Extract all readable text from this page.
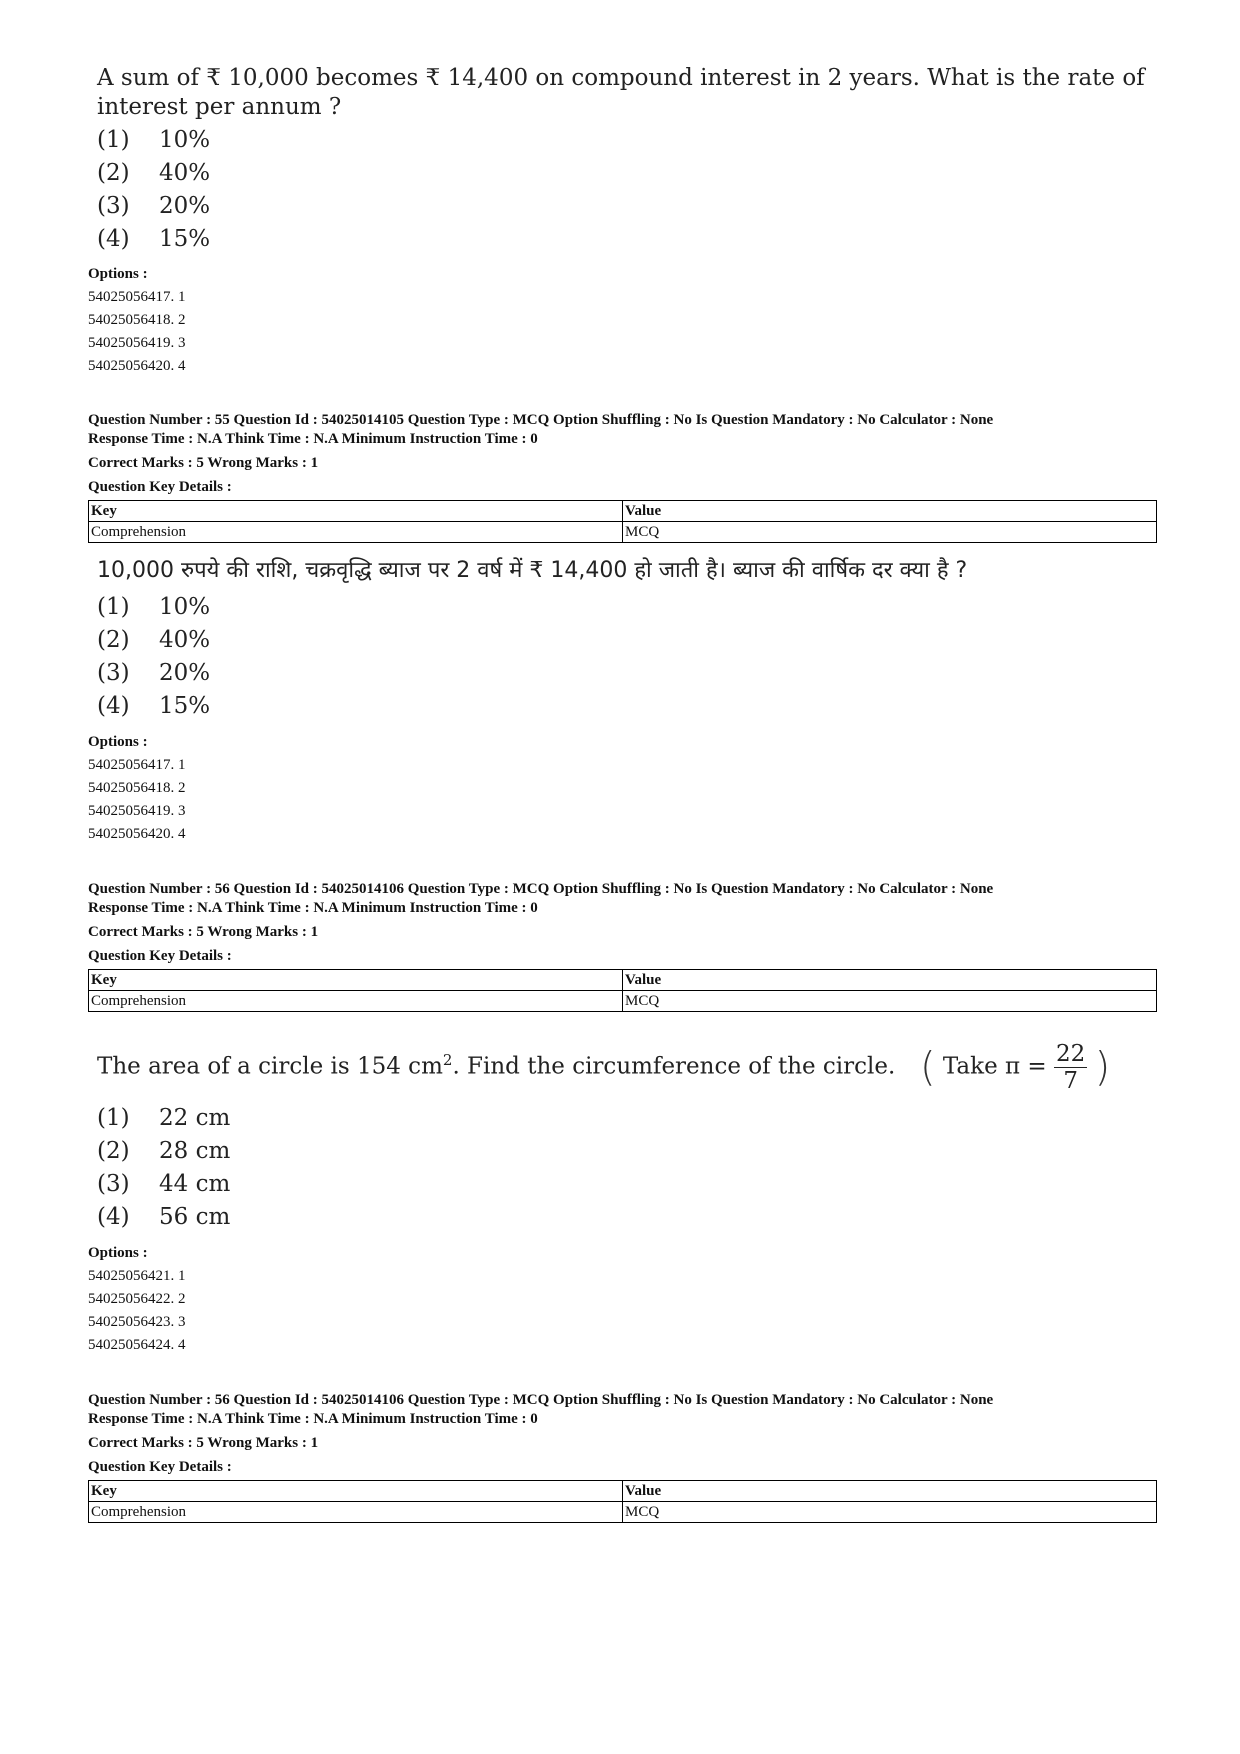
A sum of ₹ 10,000 becomes ₹ 14,400 on compound interest in 2 years. What is the rate of interest per annum ?
(1) 10%
(2) 40%
(3) 20%
(4) 15%
Options :
54025056417. 1
54025056418. 2
54025056419. 3
54025056420. 4
Question Number : 55 Question Id : 54025014105 Question Type : MCQ Option Shuffling : No Is Question Mandatory : No Calculator : None
Response Time : N.A Think Time : N.A Minimum Instruction Time : 0
Correct Marks : 5 Wrong Marks : 1
Question Key Details :
Key	Value
Comprehension	MCQ
10,000 रुपये की राशि, चक्रवृद्धि ब्याज पर 2 वर्ष में ₹ 14,400 हो जाती है। ब्याज की वार्षिक दर क्या है ?
(1) 10%
(2) 40%
(3) 20%
(4) 15%
Options :
54025056417. 1
54025056418. 2
54025056419. 3
54025056420. 4
Question Number : 56 Question Id : 54025014106 Question Type : MCQ Option Shuffling : No Is Question Mandatory : No Calculator : None
Response Time : N.A Think Time : N.A Minimum Instruction Time : 0
Correct Marks : 5 Wrong Marks : 1
Question Key Details :
Key	Value
Comprehension	MCQ
The area of a circle is 154 $cm^2$. Find the circumference of the circle. ( Take $\pi = \frac{22}{7}$ )
(1) 22 cm
(2) 28 cm
(3) 44 cm
(4) 56 cm
Options :
54025056421. 1
54025056422. 2
54025056423. 3
54025056424. 4
Question Number : 56 Question Id : 54025014106 Question Type : MCQ Option Shuffling : No Is Question Mandatory : No Calculator : None
Response Time : N.A Think Time : N.A Minimum Instruction Time : 0
Correct Marks : 5 Wrong Marks : 1
Question Key Details :
Key	Value
Comprehension	MCQ
